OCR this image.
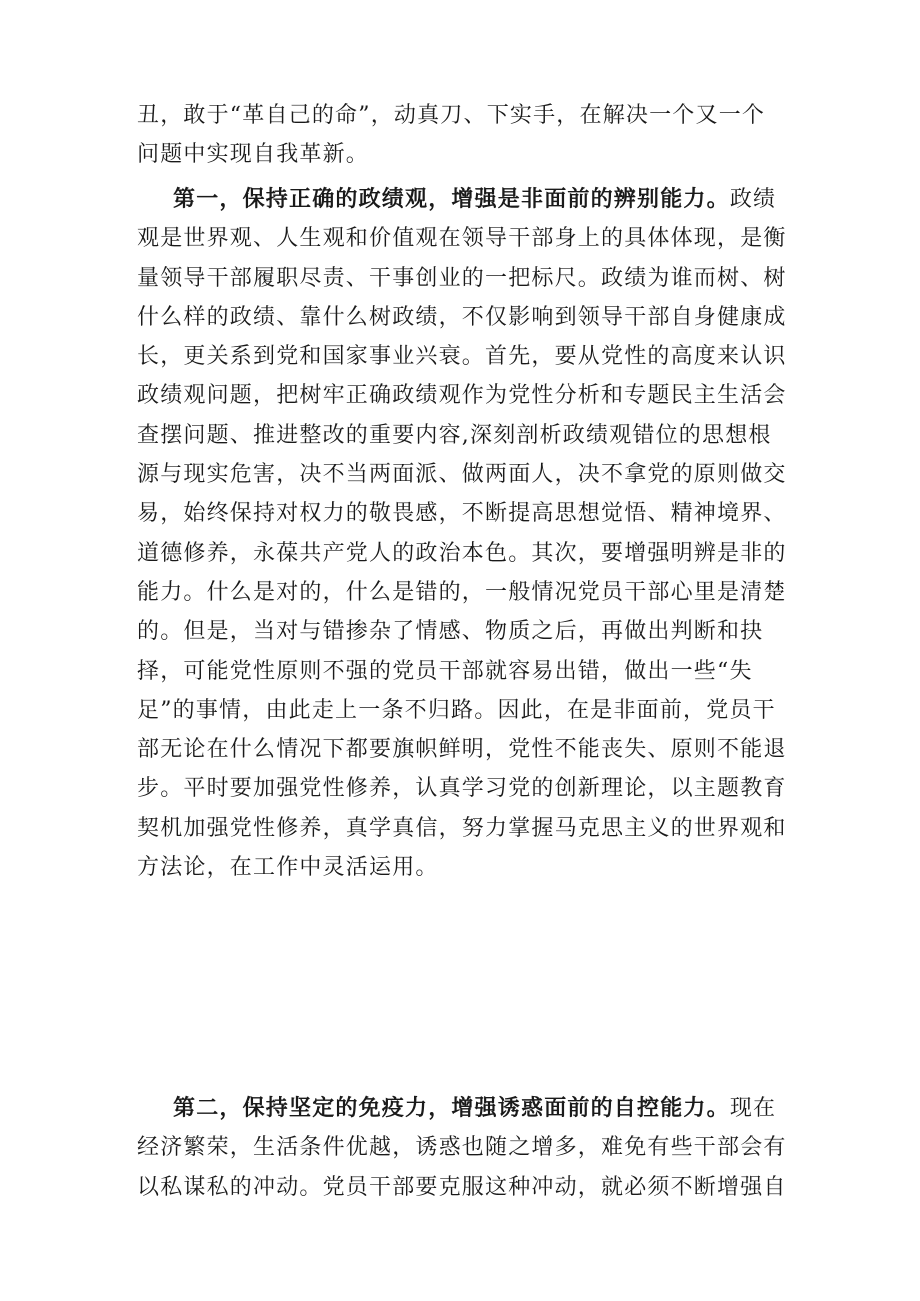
丑，敢于“革自己的命”，动真刀、下实手，在解决一个又一个
问题中实现自我革新。
第一，保持正确的政绩观，增强是非面前的辨别能力。政绩
观是世界观、人生观和价值观在领导干部身上的具体体现，是衡
量领导干部履职尽责、干事创业的一把标尺。政绩为谁而树、树
什么样的政绩、靠什么树政绩，不仅影响到领导干部自身健康成
长，更关系到党和国家事业兴衰。首先，要从党性的高度来认识
政绩观问题，把树牢正确政绩观作为党性分析和专题民主生活会
查摆问题、推进整改的重要内容,深刻剖析政绩观错位的思想根
源与现实危害，决不当两面派、做两面人，决不拿党的原则做交
易，始终保持对权力的敬畏感，不断提高思想觉悟、精神境界、
道德修养，永葆共产党人的政治本色。其次，要增强明辨是非的
能力。什么是对的，什么是错的，一般情况党员干部心里是清楚
的。但是，当对与错掺杂了情感、物质之后，再做出判断和抉
择，可能党性原则不强的党员干部就容易出错，做出一些“失
足”的事情，由此走上一条不归路。因此，在是非面前，党员干
部无论在什么情况下都要旗帜鲜明，党性不能丧失、原则不能退
步。平时要加强党性修养，认真学习党的创新理论，以主题教育
契机加强党性修养，真学真信，努力掌握马克思主义的世界观和
方法论，在工作中灵活运用。
第二，保持坚定的免疫力，增强诱惑面前的自控能力。现在
经济繁荣，生活条件优越，诱惑也随之增多，难免有些干部会有
以私谋私的冲动。党员干部要克服这种冲动，就必须不断增强自
